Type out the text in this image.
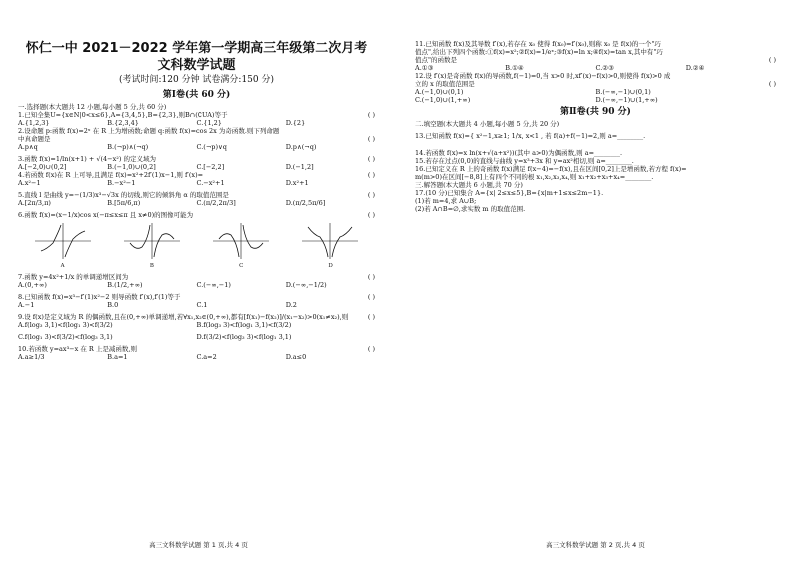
怀仁一中 2021－2022 学年第一学期高三年级第二次月考
文科数学试题
(考试时间:120 分钟 试卷满分:150 分)
第Ⅰ卷(共 60 分)
一.选择题(本大题共 12 小题,每小题 5 分,共 60 分)
1.已知全集U={x∈N|0<x≤6},A={3,4,5},B={2,3},则B∩(∁UA)等于	( )
A.{1,2,3}	B.{2,3,4}	C.{1,2}	D.{2}
2.设命题 p:函数 f(x)=2ˣ 在 R 上为增函数;命题 q:函数 f(x)=cos 2x 为奇函数.则下列命题
中真命题是	( )
A.p∧q	B.(¬p)∧(¬q)	C.(¬p)∨q	D.p∧(¬q)
3.函数 f(x)=1/ln(x+1) + √(4−x²) 的定义域为	( )
A.[−2,0)∪(0,2]	B.(−1,0)∪(0,2]	C.[−2,2]	D.(−1,2]
4.若函数 f(x)在 R 上可导,且满足 f(x)=x²+2f′(1)x−1,则 f′(x)=	( )
A.x²−1	B.−x²−1	C.−x²+1	D.x²+1
5.直线 l 是曲线 y=−(1/3)x³−√3x 的切线,则它的倾斜角 α 的取值范围是	( )
A.[2π/3,π)	B.[5π/6,π)	C.(π/2,2π/3]	D.(π/2,5π/6]
6.函数 f(x)=(x−1/x)cos x(−π≤x≤π 且 x≠0)的图像可能为	( )
A	B	C	D
7.函数 y=4x²+1/x 的单调递增区间为	( )
A.(0,+∞)	B.(1/2,+∞)	C.(−∞,−1)	D.(−∞,−1/2)
8.已知函数 f(x)=x³−f′(1)x²−2 则导函数 f′(x),f′(1)等于	( )
A.−1	B.0	C.1	D.2
9.设 f(x)是定义域为 R 的偶函数,且在(0,+∞)单调递增,若∀x₁,x₂∈(0,+∞),都有[f(x₁)−f(x₂)]/(x₁−x₂)>0(x₁≠x₂),则	( )
A.f(log₃ 3,1)<f(log₁ 3)<f(3/2)	B.f(log₃ 3)<f(log₁ 3,1)<f(3/2)
C.f(log₁ 3)<f(3/2)<f(log₃ 3,1)	D.f(3/2)<f(log₃ 3)<f(log₁ 3,1)
10.若函数 y=ax³−x 在 R 上是减函数,则	( )
A.a≥1/3	B.a=1	C.a=2	D.a≤0
高三文科数学试题 第 1 页,共 4 页
11.已知函数 f(x)及其导数 f′(x),若存在 x₀ 使得 f(x₀)=f′(x₀),则称 x₀ 是 f(x)的一个"巧
值点",给出下列四个函数:①f(x)=x²;②f(x)=1/eˣ;③f(x)=ln x;④f(x)=tan x,其中有"巧
值点"的函数是	( )
A.①③	B.①④	C.②③	D.②④
12.设 f′(x)是奇函数 f(x)的导函数,f(−1)=0,当 x>0 时,xf′(x)−f(x)>0,则使得 f(x)>0 成
立的 x 的取值范围是	( )
A.(−1,0)∪(0,1)	B.(−∞,−1)∪(0,1)
C.(−1,0)∪(1,+∞)	D.(−∞,−1)∪(1,+∞)
第Ⅱ卷(共 90 分)
二.填空题(本大题共 4 小题,每小题 5 分,共 20 分)
13.已知函数 f(x)={ x²−1,x≥1; 1/x, x<1 , 若 f(a)+f(−1)=2,则 a=________.
14.若函数 f(x)=x ln(x+√(a+x²))(其中 a>0)为偶函数,则 a=________.
15.若存在过点(0,0)的直线与曲线 y=x³+3x 和 y=ax²相切,则 a=________.
16.已知定义在 R 上的奇函数 f(x)满足 f(x−4)=−f(x),且在区间[0,2]上是增函数,若方程 f(x)=
m(m>0)在区间[−8,8]上有四个不同的根 x₁,x₂,x₃,x₄,则 x₁+x₂+x₃+x₄=________.
三.解答题(本大题共 6 小题,共 70 分)
17.(10 分)已知集合 A={x| 2≤x≤5},B={x|m+1≤x≤2m−1}.
(1)若 m=4,求 A∪B;
(2)若 A∩B=∅,求实数 m 的取值范围.
高三文科数学试题 第 2 页,共 4 页
